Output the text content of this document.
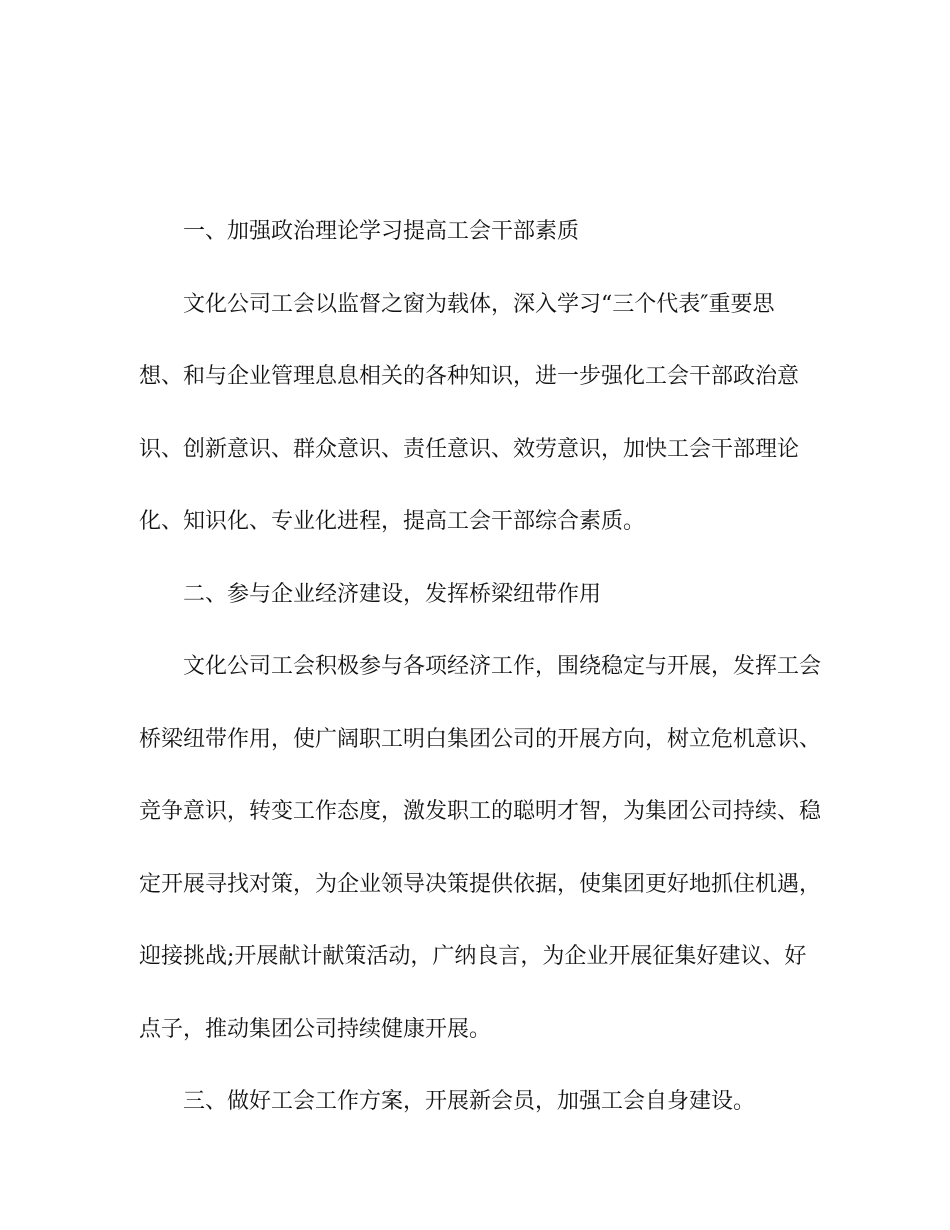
一、加强政治理论学习提高工会干部素质
文化公司工会以监督之窗为载体，深入学习“三个代表″重要思
想、和与企业管理息息相关的各种知识，进一步强化工会干部政治意
识、创新意识、群众意识、责任意识、效劳意识，加快工会干部理论
化、知识化、专业化进程，提高工会干部综合素质。
二、参与企业经济建设，发挥桥梁纽带作用
文化公司工会积极参与各项经济工作，围绕稳定与开展，发挥工会
桥梁纽带作用，使广阔职工明白集团公司的开展方向，树立危机意识、
竞争意识，转变工作态度，激发职工的聪明才智，为集团公司持续、稳
定开展寻找对策，为企业领导决策提供依据，使集团更好地抓住机遇，
迎接挑战;开展献计献策活动，广纳良言，为企业开展征集好建议、好
点子，推动集团公司持续健康开展。
三、做好工会工作方案，开展新会员，加强工会自身建设。
